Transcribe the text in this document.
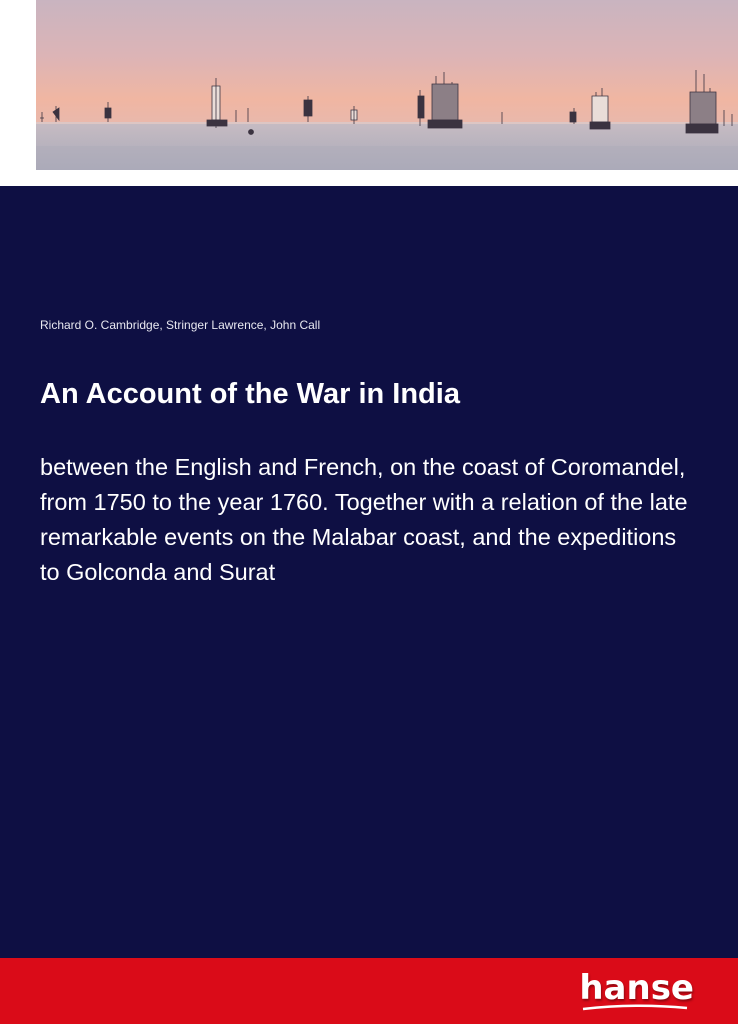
Richard O. Cambridge, Stringer Lawrence, John Call
An Account of the War in India
between the English and French, on the coast of Coromandel, from 1750 to the year 1760. Together with a relation of the late remarkable events on the Malabar coast, and the expeditions to Golconda and Surat
hanse
